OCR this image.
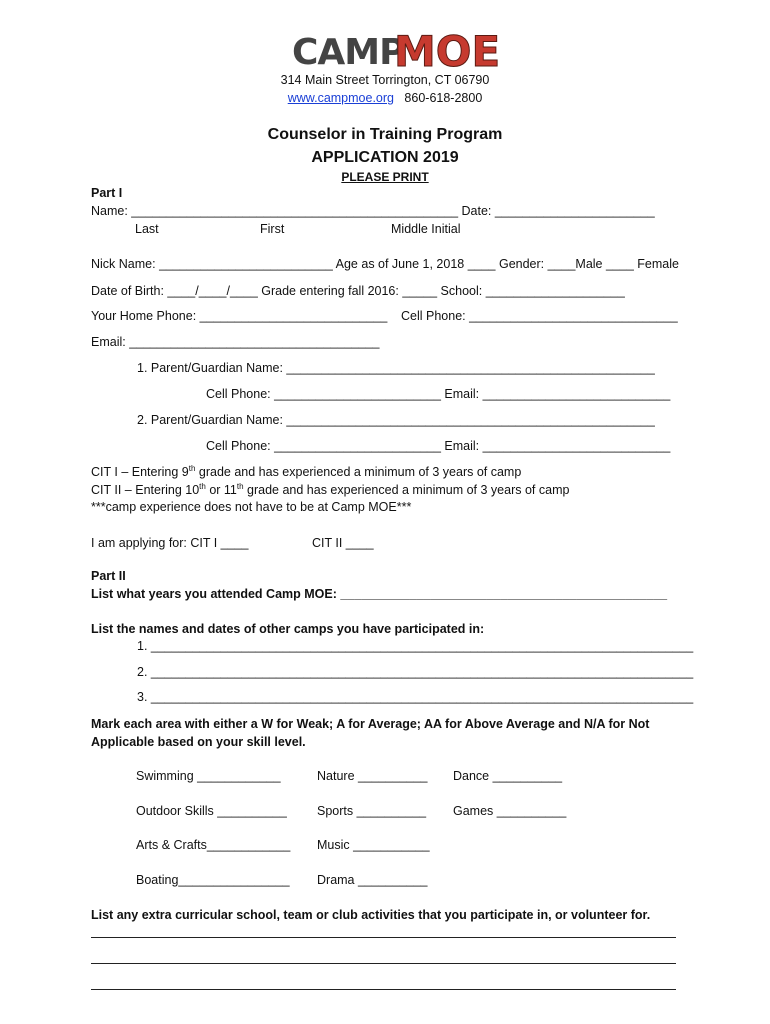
CAMP
MOE
314 Main Street Torrington, CT 06790
www.campmoe.org 860-618-2800
Counselor in Training Program
APPLICATION 2019
PLEASE PRINT
Part I
Name: _______________________________________________ Date: _______________________
Last	First	Middle Initial
Nick Name: _________________________ Age as of June 1, 2018 ____ Gender: ____Male ____ Female
Date of Birth: ____/____/____ Grade entering fall 2016: _____ School: ____________________
Your Home Phone: ___________________________ Cell Phone: ______________________________
Email: ____________________________________
1. Parent/Guardian Name: _____________________________________________________
Cell Phone: ________________________ Email: ___________________________
2. Parent/Guardian Name: _____________________________________________________
Cell Phone: ________________________ Email: ___________________________
CIT I – Entering 9th grade and has experienced a minimum of 3 years of camp
CIT II – Entering 10th or 11th grade and has experienced a minimum of 3 years of camp
***camp experience does not have to be at Camp MOE***
I am applying for: CIT I ____	CIT II ____
Part II
List what years you attended Camp MOE: _______________________________________________
List the names and dates of other camps you have participated in:
1. ______________________________________________________________________________
2. ______________________________________________________________________________
3. ______________________________________________________________________________
Mark each area with either a W for Weak; A for Average; AA for Above Average and N/A for Not
Applicable based on your skill level.
Swimming ____________	Nature __________ Dance __________
Outdoor Skills __________ Sports __________ Games __________
Arts & Crafts____________ Music ___________
Boating________________ Drama __________
List any extra curricular school, team or club activities that you participate in, or volunteer for.
